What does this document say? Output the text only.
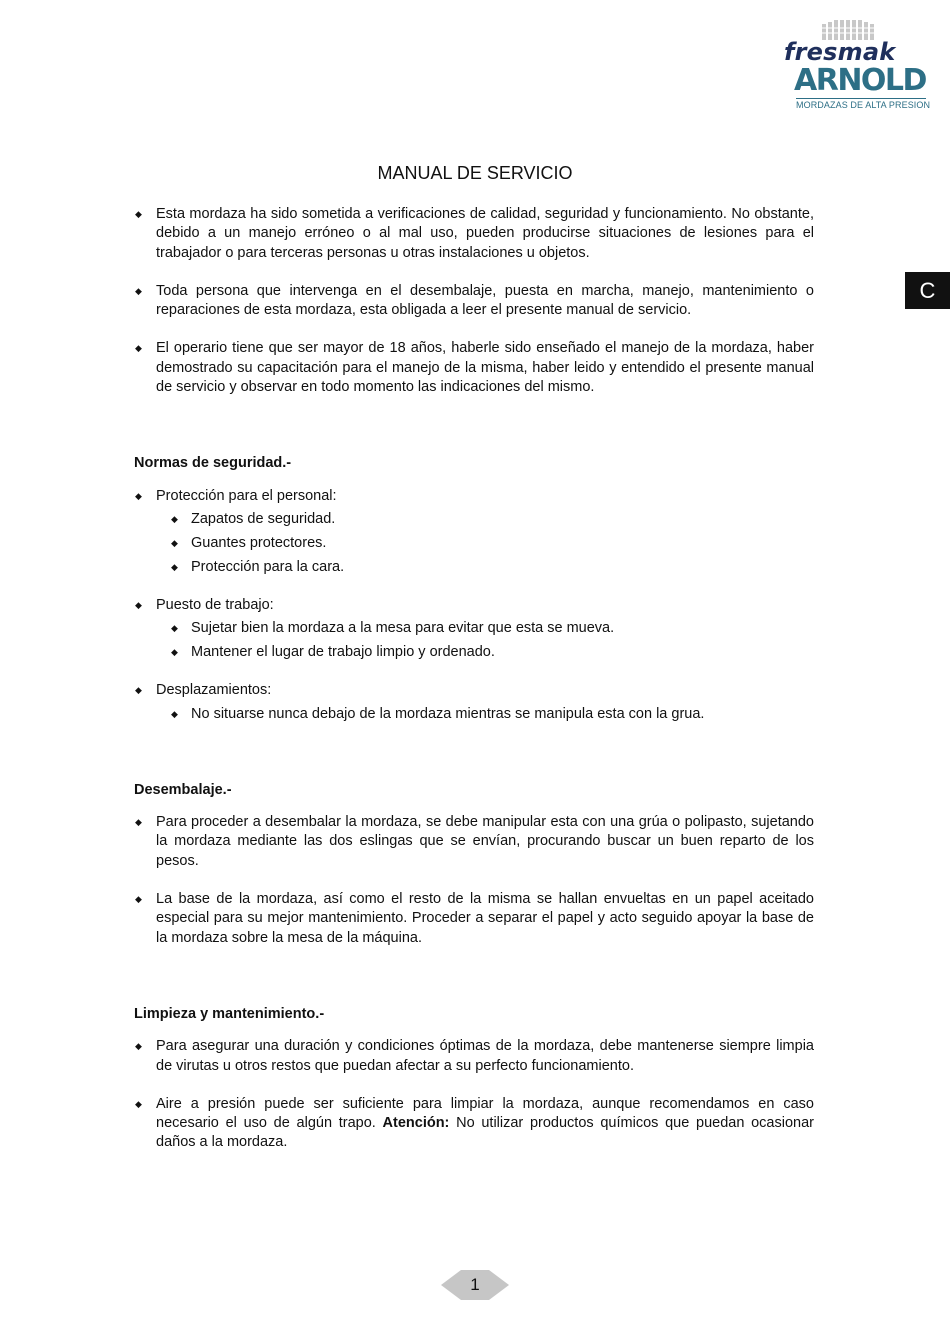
fresmak
ARNOLD
MORDAZAS DE ALTA PRESION
C
MANUAL DE SERVICIO
◆ Esta mordaza ha sido sometida a verificaciones de calidad, seguridad y funcionamiento. No obstante, debido a un manejo erróneo o al mal uso, pueden producirse situaciones de lesiones para el trabajador o para terceras personas u otras instalaciones u objetos.
◆ Toda persona que intervenga en el desembalaje, puesta en marcha, manejo, mantenimiento o reparaciones de esta mordaza, esta obligada a leer el presente manual de servicio.
◆ El operario tiene que ser mayor de 18 años, haberle sido enseñado el manejo de la mordaza, haber demostrado su capacitación para el manejo de la misma, haber leido y entendido el presente manual de servicio y observar en todo momento las indicaciones del mismo.
Normas de seguridad.-
◆ Protección para el personal:
◆ Zapatos de seguridad.
◆ Guantes protectores.
◆ Protección para la cara.
◆ Puesto de trabajo:
◆ Sujetar bien la mordaza a la mesa para evitar que esta se mueva.
◆ Mantener el lugar de trabajo limpio y ordenado.
◆ Desplazamientos:
◆ No situarse nunca debajo de la mordaza mientras se manipula esta con la grua.
Desembalaje.-
◆ Para proceder a desembalar la mordaza, se debe manipular esta con una grúa o polipasto, sujetando la mordaza mediante las dos eslingas que se envían, procurando buscar un buen reparto de los pesos.
◆ La base de la mordaza, así como el resto de la misma se hallan envueltas en un papel aceitado especial para su mejor mantenimiento. Proceder a separar el papel y acto seguido apoyar la base de la mordaza sobre la mesa de la máquina.
Limpieza y mantenimiento.-
◆ Para asegurar una duración y condiciones óptimas de la mordaza, debe mantenerse siempre limpia de virutas u otros restos que puedan afectar a su perfecto funcionamiento.
◆ Aire a presión puede ser suficiente para limpiar la mordaza, aunque recomendamos en caso necesario el uso de algún trapo. Atención: No utilizar productos químicos que puedan ocasionar daños a la mordaza.
1
